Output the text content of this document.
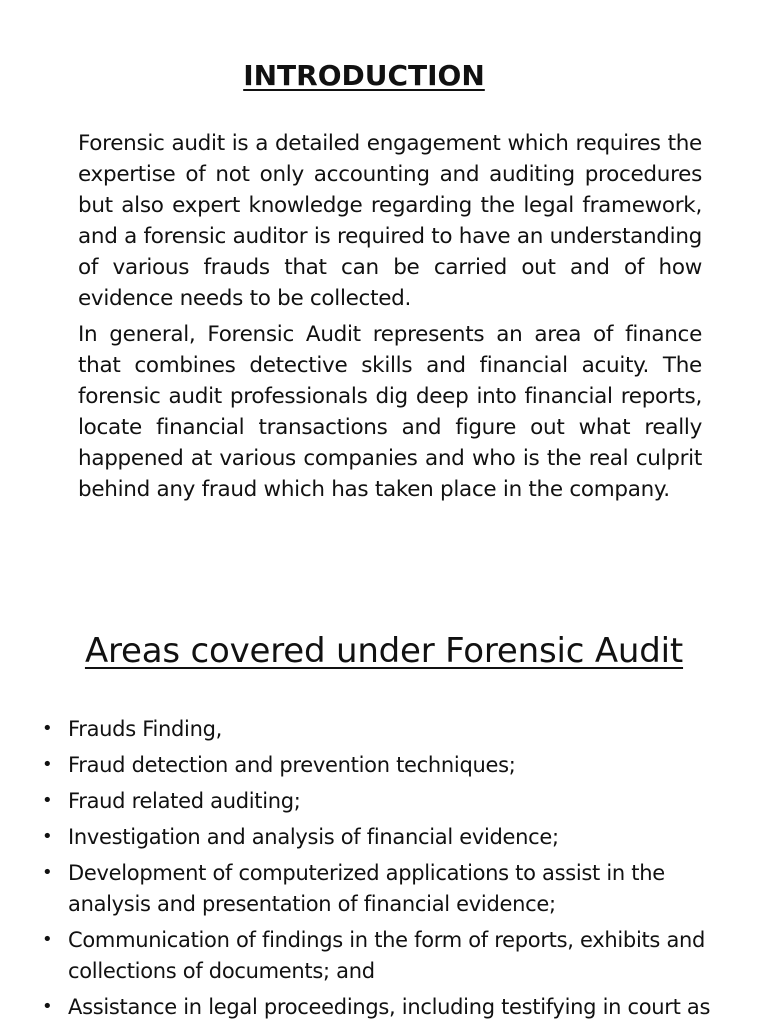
INTRODUCTION

Forensic audit is a detailed engagement which requires the expertise of not only accounting and auditing procedures but also expert knowledge regarding the legal framework, and a forensic auditor is required to have an understanding of various frauds that can be carried out and of how evidence needs to be collected.

In general, Forensic Audit represents an area of finance that combines detective skills and financial acuity. The forensic audit professionals dig deep into financial reports, locate financial transactions and figure out what really happened at various companies and who is the real culprit behind any fraud which has taken place in the company.

Areas covered under Forensic Audit
• Frauds Finding,
• Fraud detection and prevention techniques;
• Fraud related auditing;
• Investigation and analysis of financial evidence;
• Development of computerized applications to assist in the analysis and presentation of financial evidence;
• Communication of findings in the form of reports, exhibits and collections of documents; and
• Assistance in legal proceedings, including testifying in court as
